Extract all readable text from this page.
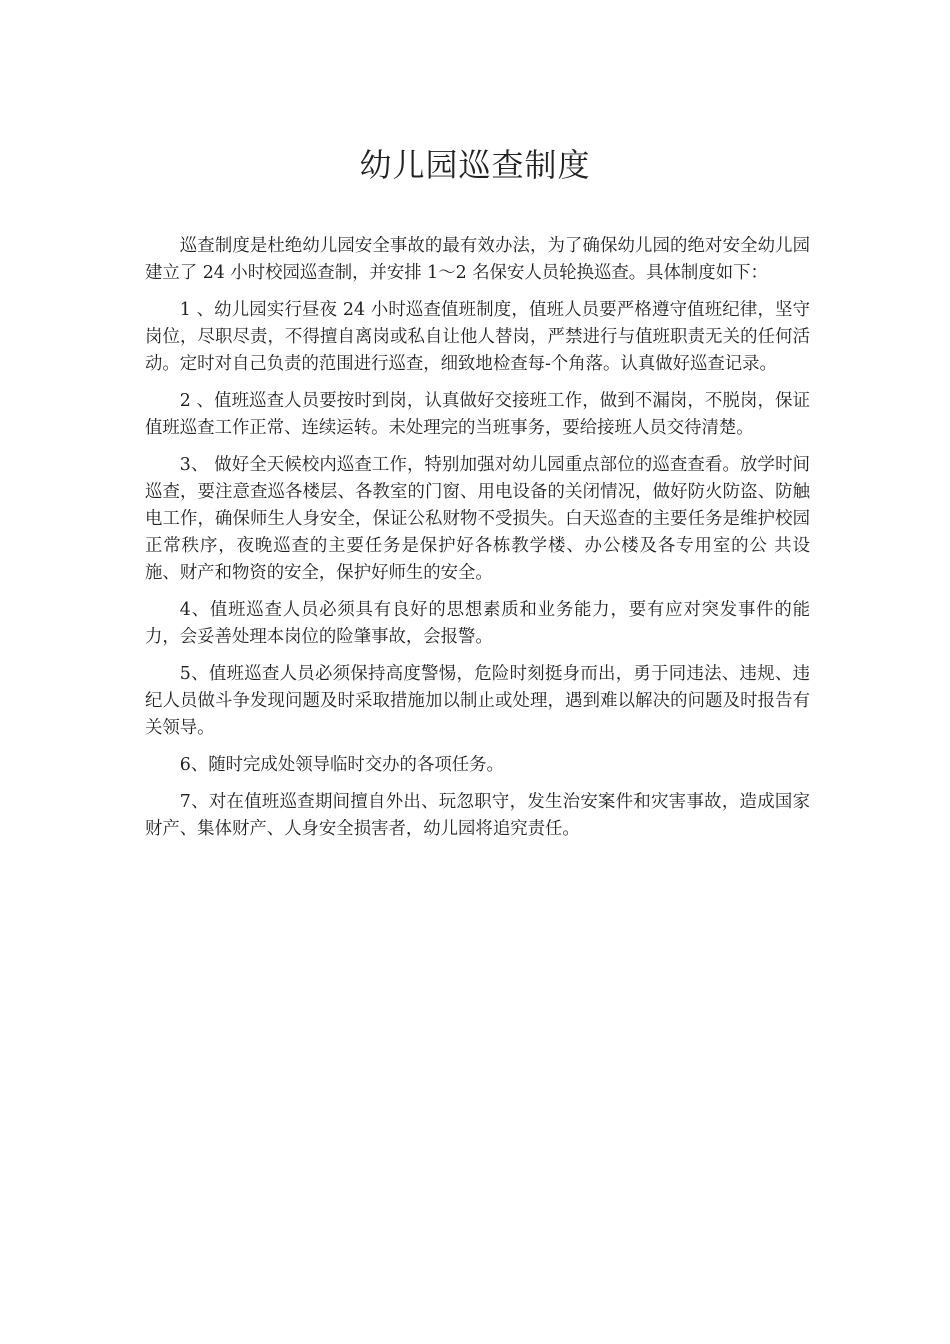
幼儿园巡查制度

巡查制度是杜绝幼儿园安全事故的最有效办法，为了确保幼儿园的绝对安全幼儿园建立了 24 小时校园巡查制，并安排 1～2 名保安人员轮换巡查。具体制度如下：

1 、幼儿园实行昼夜 24 小时巡查值班制度，值班人员要严格遵守值班纪律，坚守岗位，尽职尽责，不得擅自离岗或私自让他人替岗，严禁进行与值班职责无关的任何活动。定时对自己负责的范围进行巡查，细致地检查每-个角落。认真做好巡查记录。

2 、值班巡查人员要按时到岗，认真做好交接班工作，做到不漏岗，不脱岗，保证值班巡查工作正常、连续运转。未处理完的当班事务，要给接班人员交待清楚。

3、 做好全天候校内巡查工作，特别加强对幼儿园重点部位的巡查查看。放学时间巡查，要注意查巡各楼层、各教室的门窗、用电设备的关闭情况，做好防火防盗、防触 电工作，确保师生人身安全，保证公私财物不受损失。白天巡查的主要任务是维护校园正常秩序，夜晚巡查的主要任务是保护好各栋教学楼、办公楼及各专用室的公 共设施、财产和物资的安全，保护好师生的安全。

4、值班巡查人员必须具有良好的思想素质和业务能力，要有应对突发事件的能力，会妥善处理本岗位的险肇事故，会报警。

5、值班巡查人员必须保持高度警惕，危险时刻挺身而出，勇于同违法、违规、违纪人员做斗争发现问题及时采取措施加以制止或处理，遇到难以解决的问题及时报告有关领导。

6、随时完成处领导临时交办的各项任务。

7、对在值班巡查期间擅自外出、玩忽职守，发生治安案件和灾害事故，造成国家财产、集体财产、人身安全损害者，幼儿园将追究责任。
